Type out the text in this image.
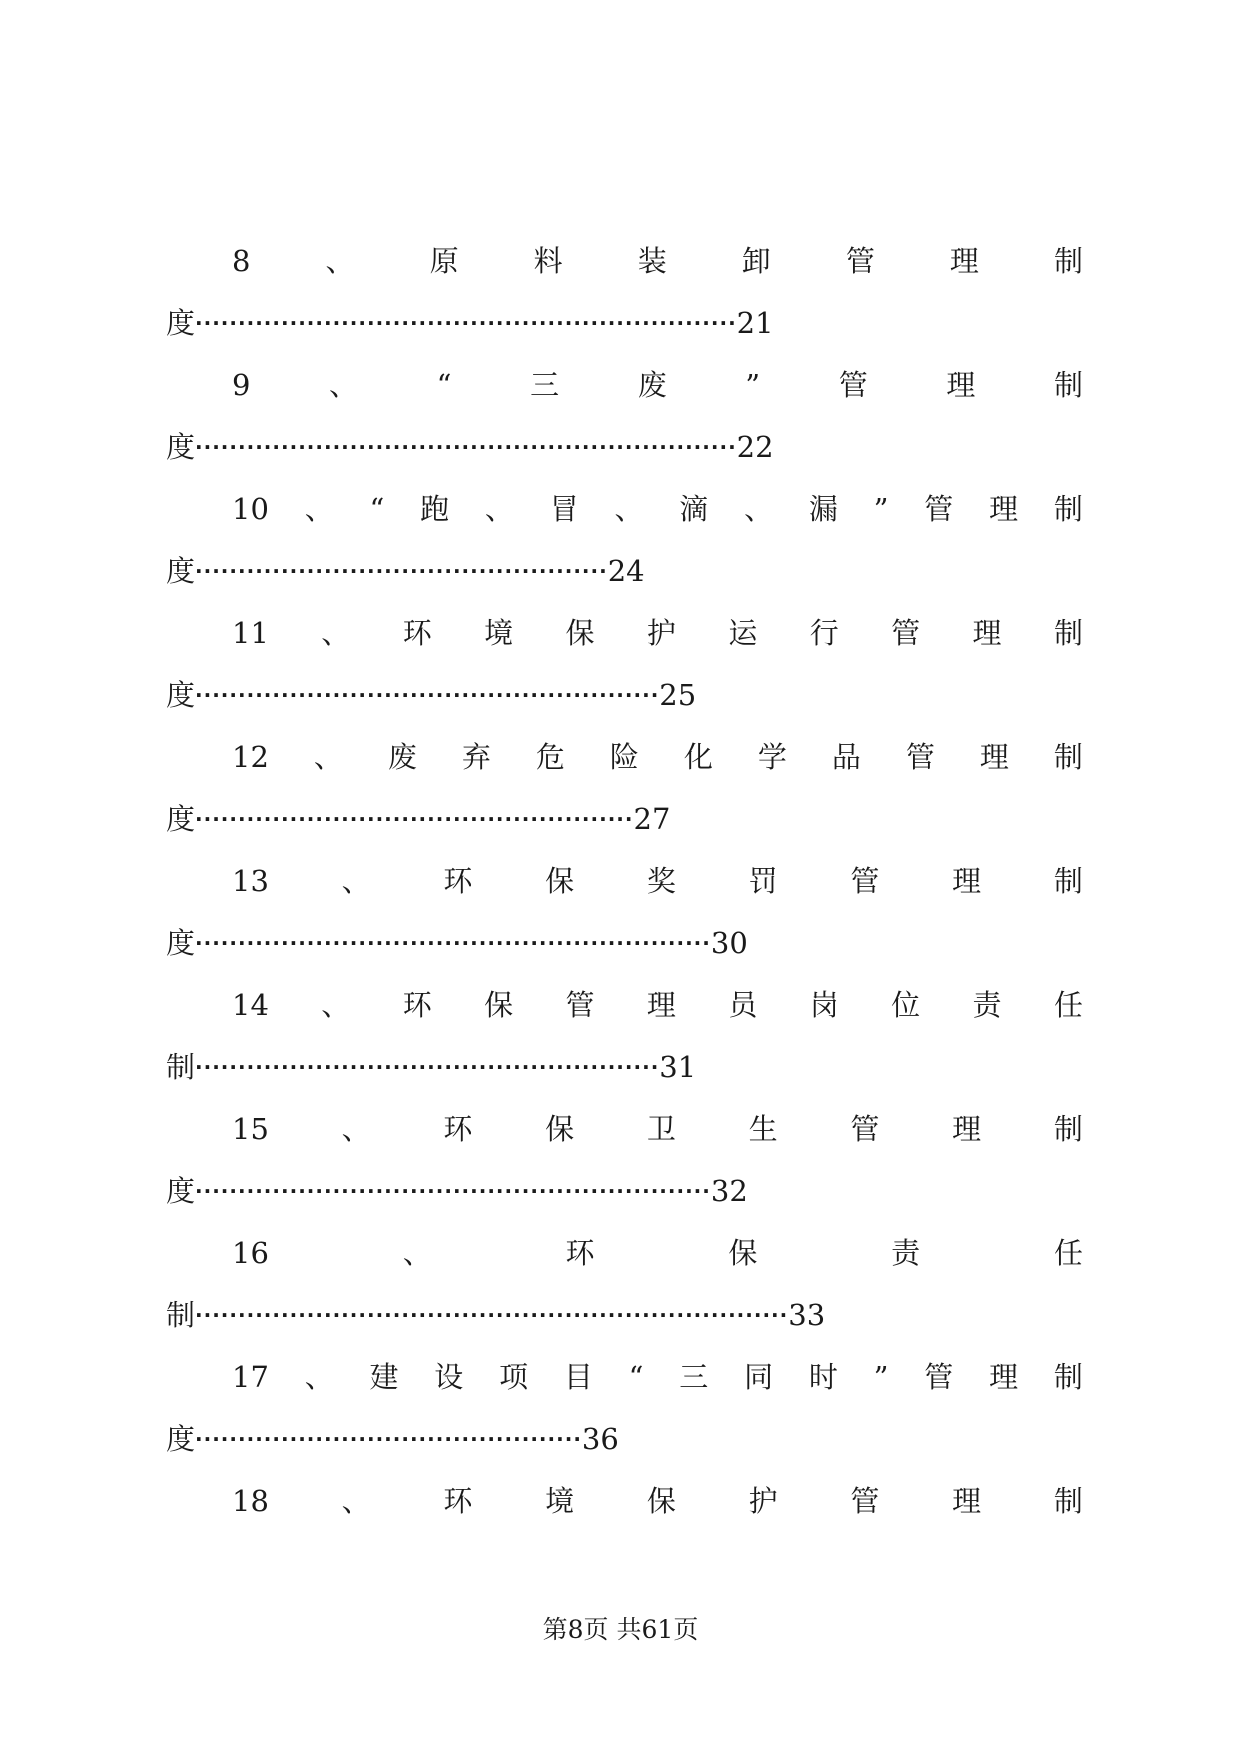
8	、	原	料	装	卸	管	理	制
度 ······························································· 21
9	、	“	三	废	”	管	理	制
度 ······························································· 22
10 、 “ 跑 、 冒 、 滴 、 漏 ” 管 理 制
度 ················································ 24
11 、 环 境 保 护 运 行 管 理 制
度 ······················································ 25
12 、 废 弃 危 险 化 学 品 管 理 制
度 ··················································· 27
13	、	环	保	奖	罚	管	理	制
度 ···························································· 30
14 、 环 保 管 理 员 岗 位 责 任
制 ······················································ 31
15	、	环	保	卫	生	管	理	制
度 ···························································· 32
16	、	环	保	责	任
制 ····································································· 33
17 、 建 设 项 目 “ 三 同 时 ” 管 理 制
度 ············································· 36
18	、	环	境	保	护	管	理	制
第8页 共61页
